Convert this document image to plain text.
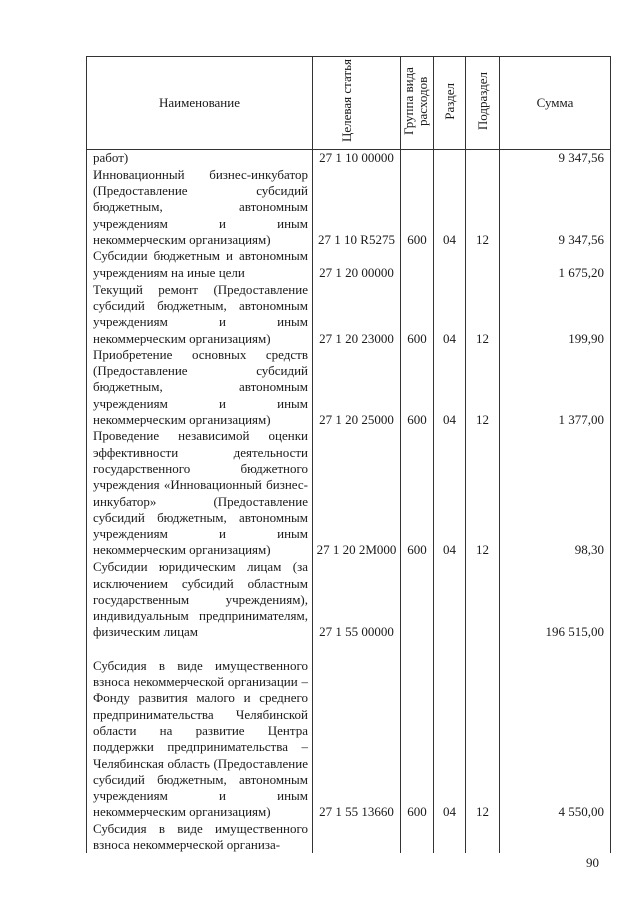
Наименование	Целевая статья	Группа вида расходов	Раздел	Подраздел	Сумма
работ)	27 1 10 00000				9 347,56
Инновационный бизнес-инкубатор (Предоставление субсидий бюджетным, автономным учреждениям и иным некоммерческим организациям)	27 1 10 R5275	600	04	12	9 347,56
Субсидии бюджетным и автономным учреждениям на иные цели	27 1 20 00000				1 675,20
Текущий ремонт (Предоставление субсидий бюджетным, автономным учреждениям и иным некоммерческим организациям)	27 1 20 23000	600	04	12	199,90
Приобретение основных средств (Предоставление субсидий бюджетным, автономным учреждениям и иным некоммерческим организациям)	27 1 20 25000	600	04	12	1 377,00
Проведение независимой оценки эффективности деятельности государственного бюджетного учреждения «Инновационный бизнес-инкубатор» (Предоставление субсидий бюджетным, автономным учреждениям и иным некоммерческим организациям)	27 1 20 2М000	600	04	12	98,30
Субсидии юридическим лицам (за исключением субсидий областным государственным учреждениям), индивидуальным предпринимателям, физическим лицам	27 1 55 00000				196 515,00
Субсидия в виде имущественного взноса некоммерческой организации – Фонду развития малого и среднего предпринимательства Челябинской области на развитие Центра поддержки предпринимательства – Челябинская область (Предоставление субсидий бюджетным, автономным учреждениям и иным некоммерческим организациям)	27 1 55 13660	600	04	12	4 550,00
Субсидия в виде имущественного взноса некоммерческой организа-					
90
